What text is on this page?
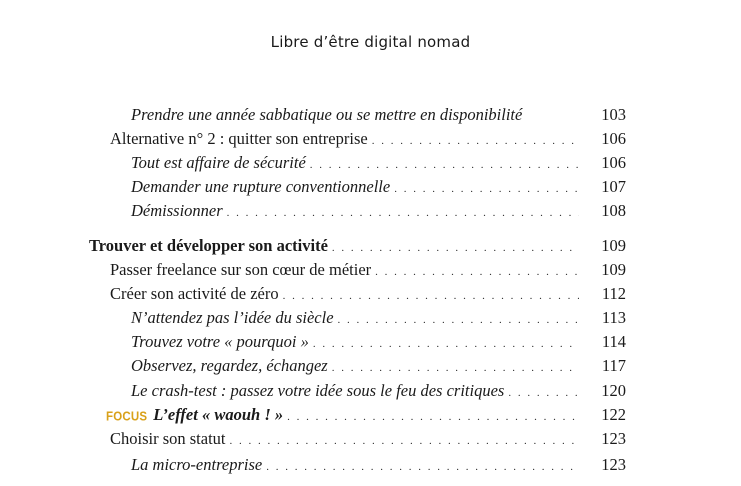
Libre d’être digital nomad
Prendre une année sabbatique ou se mettre en disponibilité	103
Alternative n° 2 : quitter son entreprise . . .	106
Tout est affaire de sécurité . . .	106
Demander une rupture conventionnelle . . .	107
Démissionner . . .	108
Trouver et développer son activité . . .	109
Passer freelance sur son cœur de métier . . .	109
Créer son activité de zéro . . .	112
N’attendez pas l’idée du siècle . . .	113
Trouvez votre « pourquoi » . . .	114
Observez, regardez, échangez . . .	117
Le crash-test : passez votre idée sous le feu des critiques . . .	120
FOCUS L’effet « waouh ! » . . .	122
Choisir son statut . . .	123
La micro-entreprise . . .	123
